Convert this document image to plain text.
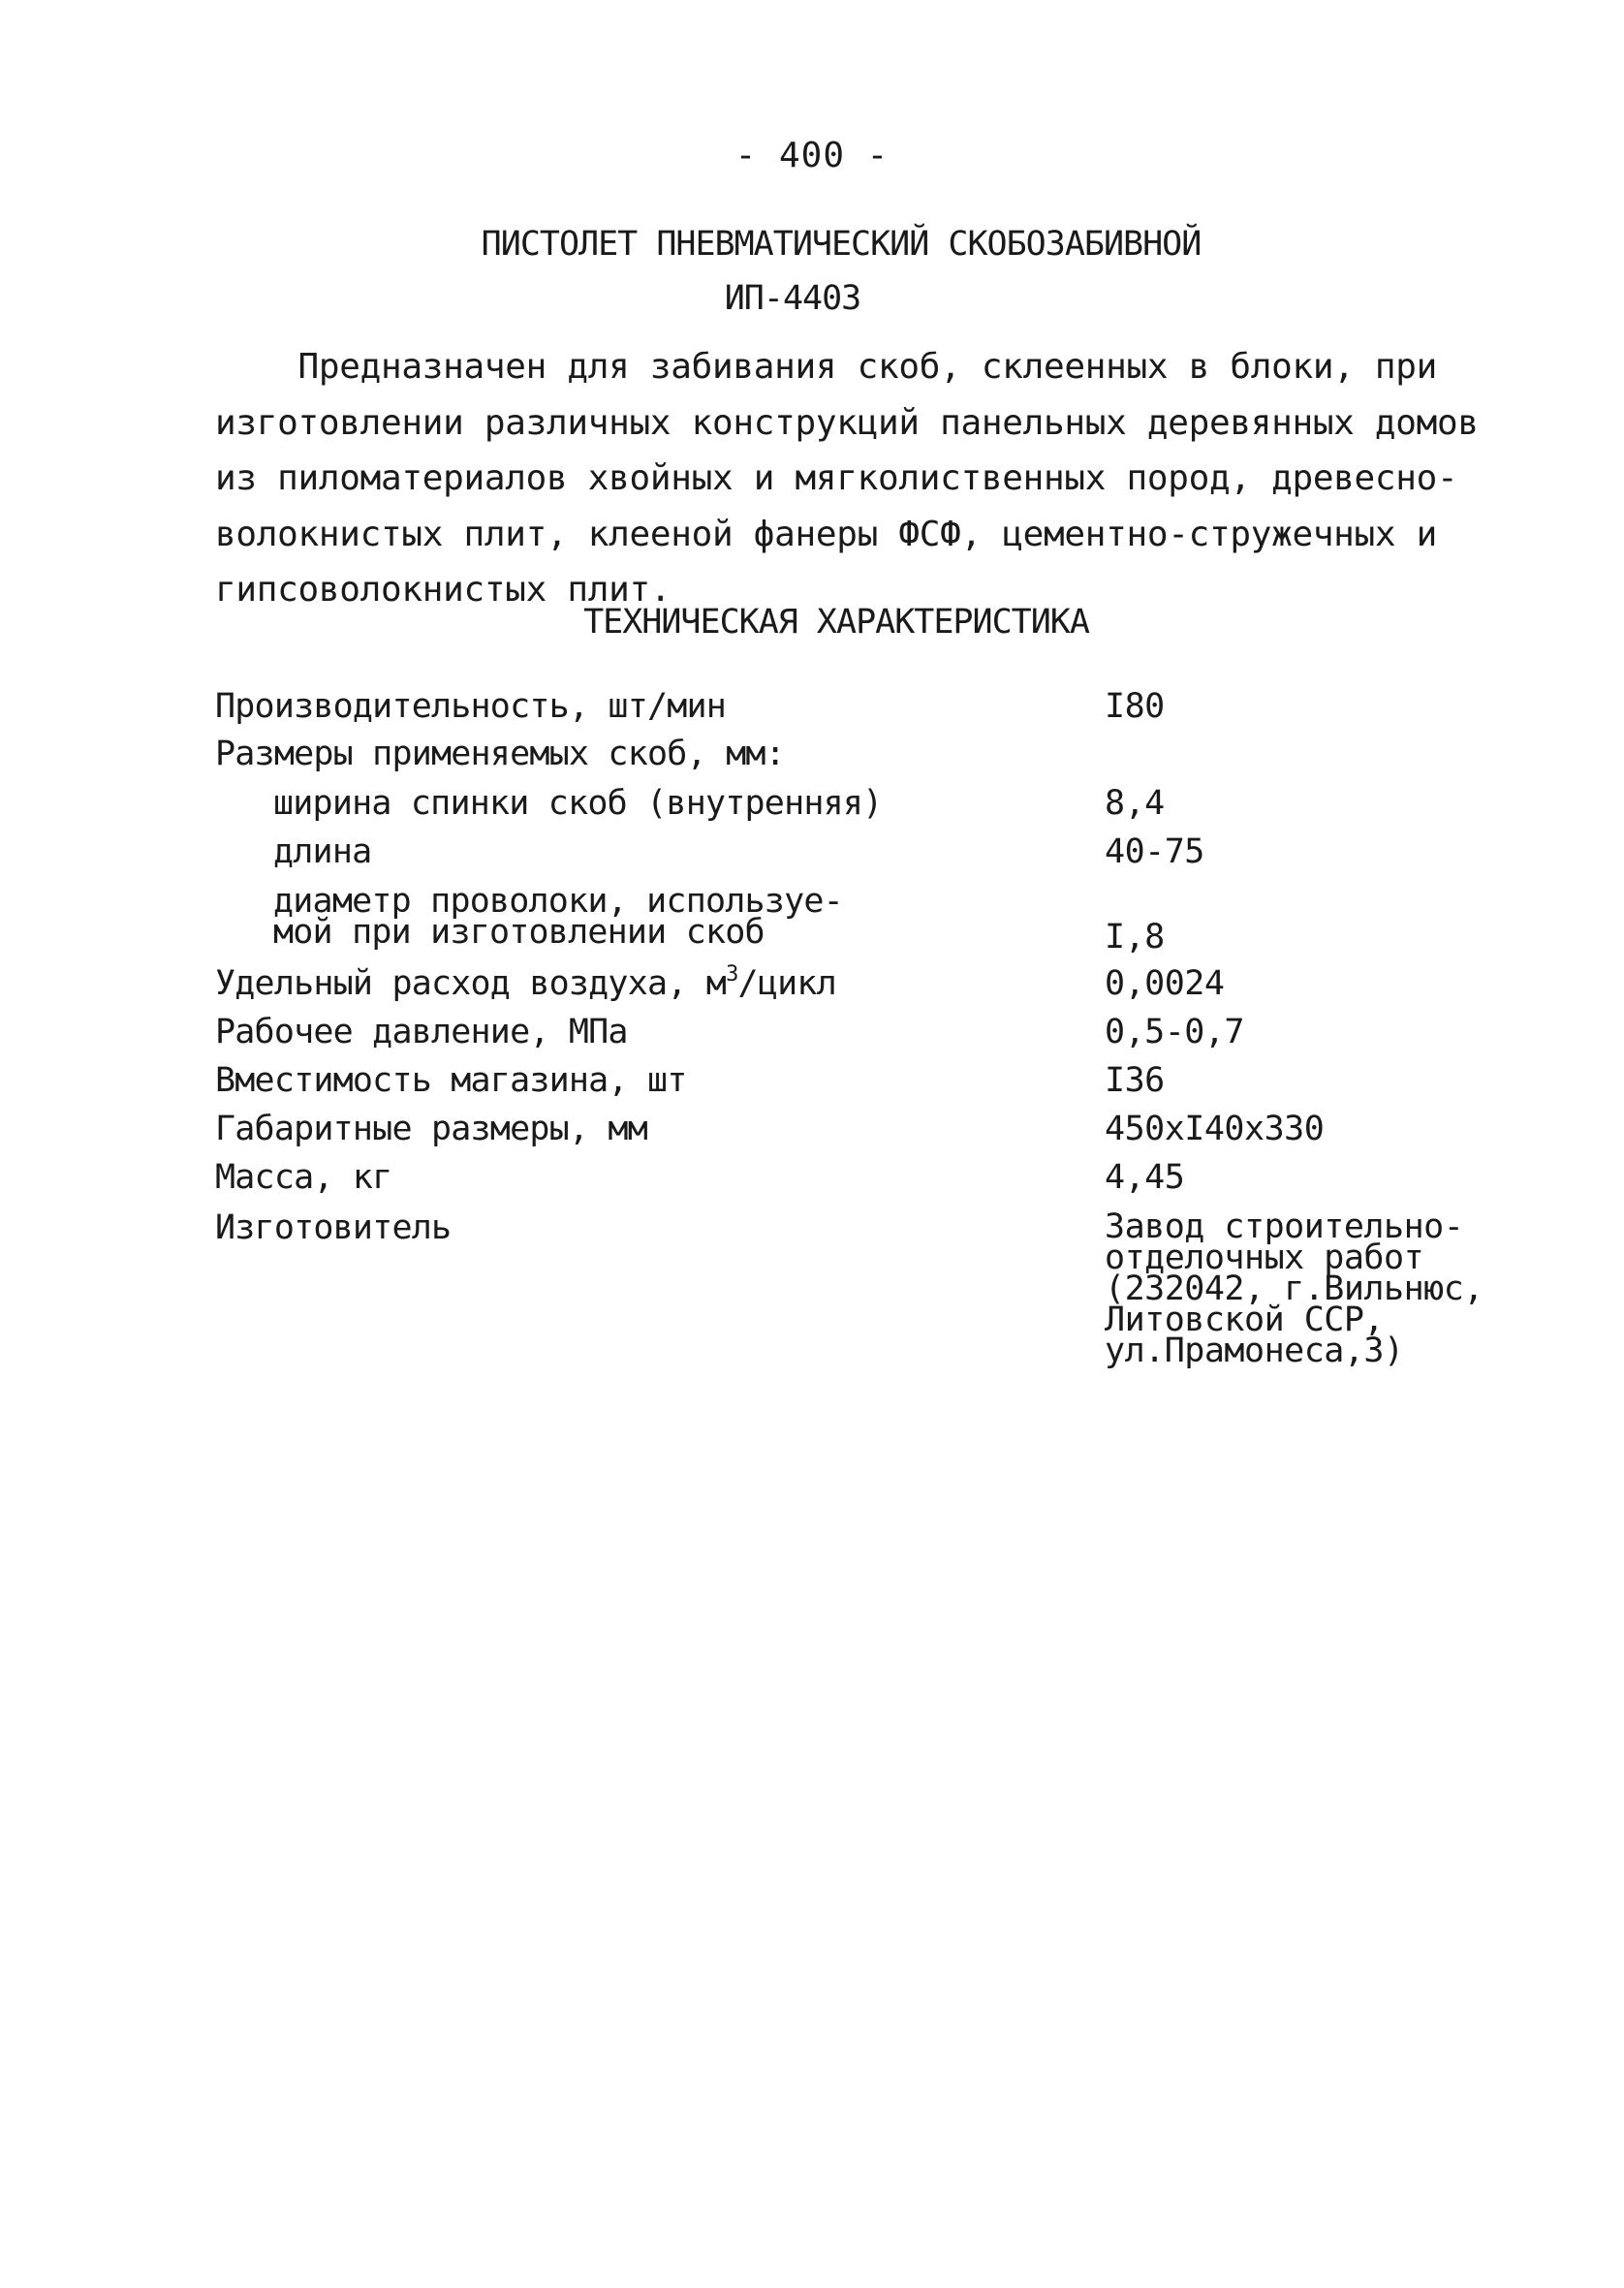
- 400 -
ПИСТОЛЕТ ПНЕВМАТИЧЕСКИЙ СКОБОЗАБИВНОЙ
ИП-4403
Предназначен для забивания скоб, склеенных в блоки, при
изготовлении различных конструкций панельных деревянных домов
из пиломатериалов хвойных и мягколиственных пород, древесно-
волокнистых плит, клееной фанеры ФСФ, цементно-стружечных и
гипсоволокнистых плит.
ТЕХНИЧЕСКАЯ ХАРАКТЕРИСТИКА
Производительность, шт/мин	I80
Размеры применяемых скоб, мм:
ширина спинки скоб (внутренняя)	8,4
длина	40-75
диаметр проволоки, используе-
мой при изготовлении скоб	I,8
Удельный расход воздуха, $м^3$/цикл	0,0024
Рабочее давление, МПа	0,5-0,7
Вместимость магазина, шт	I36
Габаритные размеры, мм	450xI40x330
Масса, кг	4,45
Изготовитель	Завод строительно-
отделочных работ
(232042, г.Вильнюс,
Литовской ССР,
ул.Прамонеса,3)
